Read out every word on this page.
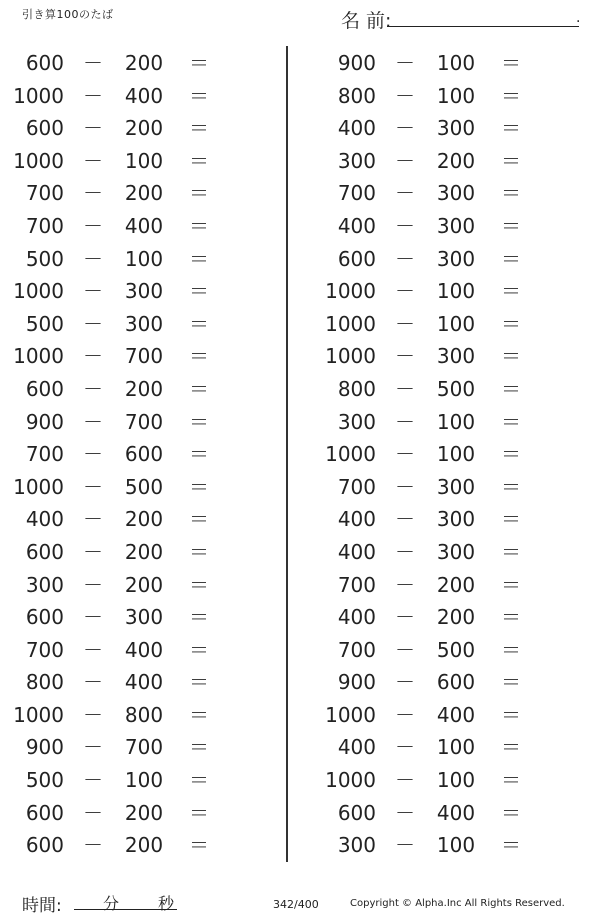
引き算100のたば	名 前:	.
600 － 200 ＝
1000 － 400 ＝
600 － 200 ＝
1000 － 100 ＝
700 － 200 ＝
700 － 400 ＝
500 － 100 ＝
1000 － 300 ＝
500 － 300 ＝
1000 － 700 ＝
600 － 200 ＝
900 － 700 ＝
700 － 600 ＝
1000 － 500 ＝
400 － 200 ＝
600 － 200 ＝
300 － 200 ＝
600 － 300 ＝
700 － 400 ＝
800 － 400 ＝
1000 － 800 ＝
900 － 700 ＝
500 － 100 ＝
600 － 200 ＝
600 － 200 ＝
900 － 100 ＝
800 － 100 ＝
400 － 300 ＝
300 － 200 ＝
700 － 300 ＝
400 － 300 ＝
600 － 300 ＝
1000 － 100 ＝
1000 － 100 ＝
1000 － 300 ＝
800 － 500 ＝
300 － 100 ＝
1000 － 100 ＝
700 － 300 ＝
400 － 300 ＝
400 － 300 ＝
700 － 200 ＝
400 － 200 ＝
700 － 500 ＝
900 － 600 ＝
1000 － 400 ＝
400 － 100 ＝
1000 － 100 ＝
600 － 400 ＝
300 － 100 ＝
時間:	分 秒	342/400	Copyright © Alpha.Inc All Rights Reserved.
